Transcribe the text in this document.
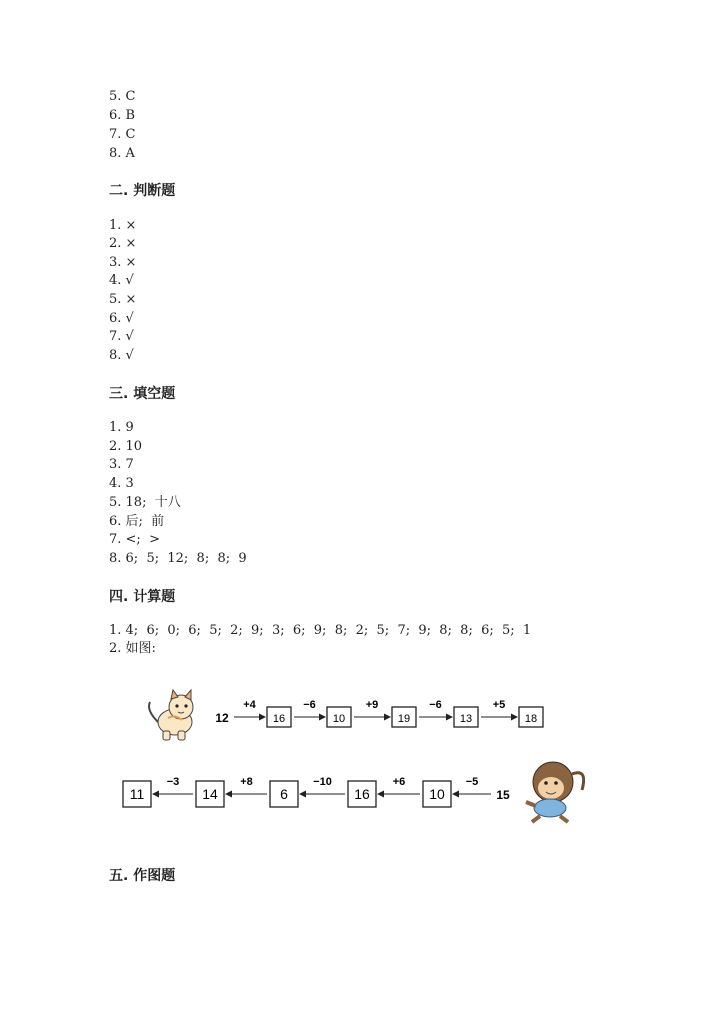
5. C
6. B
7. C
8. A
二. 判断题
1. ×
2. ×
3. ×
4. √
5. ×
6. √
7. √
8. √
三. 填空题
1. 9
2. 10
3. 7
4. 3
5. 18;  十八
6. 后;  前
7. <;  >
8. 6;  5;  12;  8;  8;  9
四. 计算题
1. 4;  6;  0;  6;  5;  2;  9;  3;  6;  9;  8;  2;  5;  7;  9;  8;  8;  6;  5;  1
2. 如图:
12	16
+4
10
−6
19
+9
13
−6
18
+5
15
10
−5
16
+6
6
−10
14
+8
11
−3
五. 作图题
